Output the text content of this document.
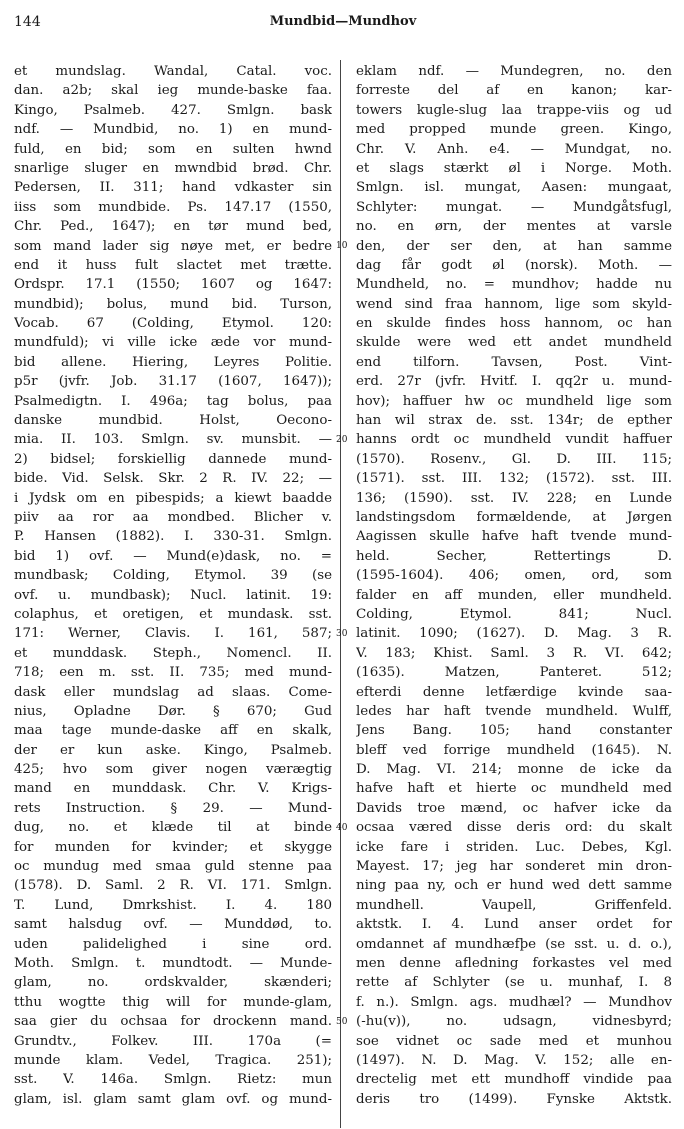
144	Mundbid—Mundhov
et mundslag. Wandal, Catal. voc.
dan. a2b; skal ieg munde-baske faa.
Kingo, Psalmeb. 427. Smlgn. bask
ndf. — Mundbid, no. 1) en mund-
fuld, en bid; som en sulten hwnd
snarlige sluger en mwndbid brød. Chr.
Pedersen, II. 311; hand vdkaster sin
iiss som mundbide. Ps. 147.17 (1550,
Chr. Ped., 1647); en tør mund bed,
som mand lader sig nøye met, er bedre
end it huss fult slactet met trætte.
Ordspr. 17.1 (1550; 1607 og 1647:
mundbid); bolus, mund bid. Turson,
Vocab. 67 (Colding, Etymol. 120:
mundfuld); vi ville icke æde vor mund-
bid allene. Hiering, Leyres Politie.
p5r (jvfr. Job. 31.17 (1607, 1647));
Psalmedigtn. I. 496a; tag bolus, paa
danske mundbid. Holst, Oecono-
mia. II. 103. Smlgn. sv. munsbit. —
2) bidsel; forskiellig dannede mund-
bide. Vid. Selsk. Skr. 2 R. IV. 22; —
i Jydsk om en pibespids; a kiewt baadde
piiv aa ror aa mondbed. Blicher v.
P. Hansen (1882). I. 330-31. Smlgn.
bid 1) ovf. — Mund(e)dask, no. =
mundbask; Colding, Etymol. 39 (se
ovf. u. mundbask); Nucl. latinit. 19:
colaphus, et oretigen, et mundask. sst.
171: Werner, Clavis. I. 161, 587;
et munddask. Steph., Nomencl. II.
718; een m. sst. II. 735; med mund-
dask eller mundslag ad slaas. Come-
nius, Opladne Dør. § 670; Gud
maa tage munde-daske aff en skalk,
der er kun aske. Kingo, Psalmeb.
425; hvo som giver nogen værægtig
mand en munddask. Chr. V. Krigs-
rets Instruction. § 29. — Mund-
dug, no. et klæde til at binde
for munden for kvinder; et skygge
oc mundug med smaa guld stenne paa
(1578). D. Saml. 2 R. VI. 171. Smlgn.
T. Lund, Dmrkshist. I. 4. 180
samt halsdug ovf. — Munddød, to.
uden palidelighed i sine ord.
Moth. Smlgn. t. mundtodt. — Munde-
glam, no. ordskvalder, skænderi;
tthu wogtte thig will for munde-glam,
saa gier du ochsaa for drockenn mand.
Grundtv., Folkev. III. 170a (=
munde klam. Vedel, Tragica. 251);
sst. V. 146a. Smlgn. Rietz: mun
glam, isl. glam samt glam ovf. og mund-
10
20
30
40
50
eklam ndf. — Mundegren, no. den
forreste del af en kanon; kar-
towers kugle-slug laa trappe-viis og ud
med propped munde green. Kingo,
Chr. V. Anh. e4. — Mundgat, no.
et slags stærkt øl i Norge. Moth.
Smlgn. isl. mungat, Aasen: mungaat,
Schlyter: mungat. — Mundgåtsfugl,
no. en ørn, der mentes at varsle
den, der ser den, at han samme
dag får godt øl (norsk). Moth. —
Mundheld, no. = mundhov; hadde nu
wend sind fraa hannom, lige som skyld-
en skulde findes hoss hannom, oc han
skulde were wed ett andet mundheld
end tilforn. Tavsen, Post. Vint-
erd. 27r (jvfr. Hvitf. I. qq2r u. mund-
hov); haffuer hw oc mundheld lige som
han wil strax de. sst. 134r; de epther
hanns ordt oc mundheld vundit haffuer
(1570). Rosenv., Gl. D. III. 115;
(1571). sst. III. 132; (1572). sst. III.
136; (1590). sst. IV. 228; en Lunde
landstingsdom formældende, at Jørgen
Aagissen skulle hafve haft tvende mund-
held. Secher, Rettertings D.
(1595-1604). 406; omen, ord, som
falder en aff munden, eller mundheld.
Colding, Etymol. 841; Nucl.
latinit. 1090; (1627). D. Mag. 3 R.
V. 183; Khist. Saml. 3 R. VI. 642;
(1635). Matzen, Panteret. 512;
efterdi denne letfærdige kvinde saa-
ledes har haft tvende mundheld. Wulff,
Jens Bang. 105; hand constanter
bleff ved forrige mundheld (1645). N.
D. Mag. VI. 214; monne de icke da
hafve haft et hierte oc mundheld med
Davids troe mænd, oc hafver icke da
ocsaa væred disse deris ord: du skalt
icke fare i striden. Luc. Debes, Kgl.
Mayest. 17; jeg har sonderet min dron-
ning paa ny, och er hund wed dett samme
mundhell. Vaupell, Griffenfeld.
aktstk. I. 4. Lund anser ordet for
omdannet af mundhæfþe (se sst. u. d. o.),
men denne afledning forkastes vel med
rette af Schlyter (se u. munhaf, I. 8
f. n.). Smlgn. ags. mudhæl? — Mundhov
(-hu(v)), no. udsagn, vidnesbyrd;
soe vidnet oc sade med et munhou
(1497). N. D. Mag. V. 152; alle en-
drectelig met ett mundhoff vindide paa
deris tro (1499). Fynske Aktstk.
